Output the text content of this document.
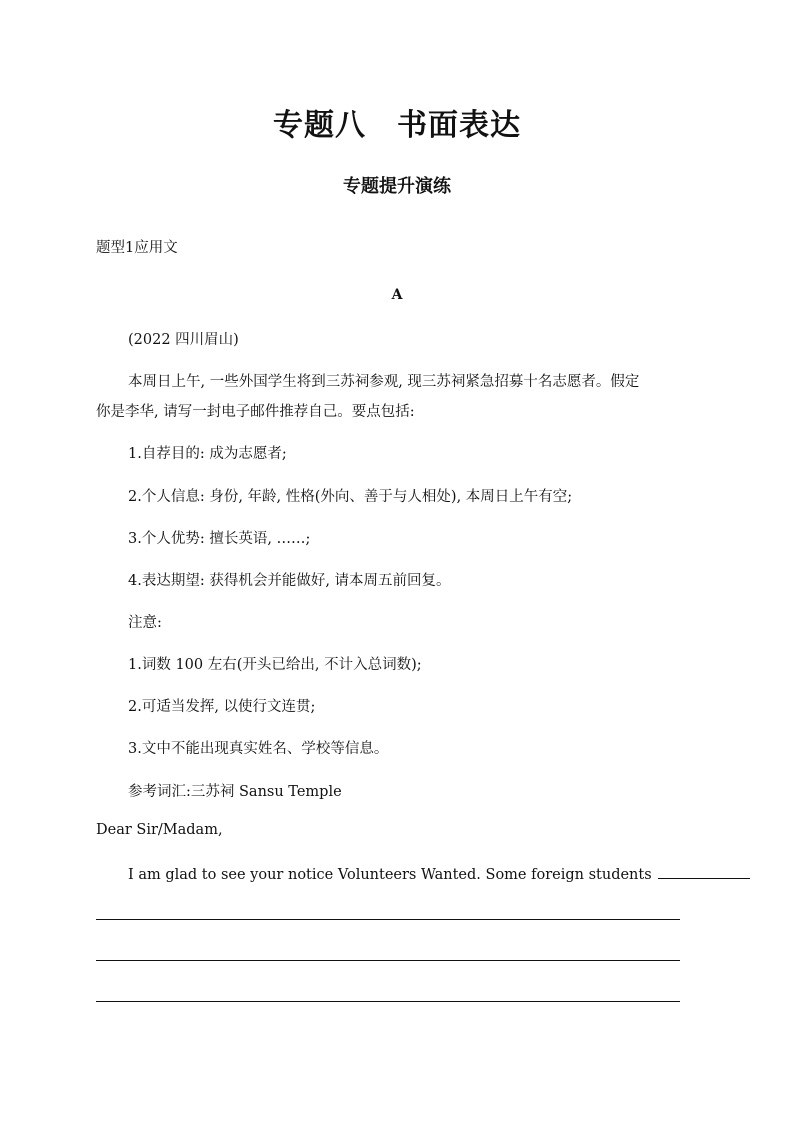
专题八　书面表达
专题提升演练
题型1应用文
A
(2022 四川眉山)
本周日上午, 一些外国学生将到三苏祠参观, 现三苏祠紧急招募十名志愿者。假定
你是李华, 请写一封电子邮件推荐自己。要点包括:
1.自荐目的: 成为志愿者;
2.个人信息: 身份, 年龄, 性格(外向、善于与人相处), 本周日上午有空;
3.个人优势: 擅长英语, ……;
4.表达期望: 获得机会并能做好, 请本周五前回复。
注意:
1.词数 100 左右(开头已给出, 不计入总词数);
2.可适当发挥, 以使行文连贯;
3.文中不能出现真实姓名、学校等信息。
参考词汇:三苏祠 Sansu Temple
Dear Sir/Madam,
I am glad to see your notice Volunteers Wanted. Some foreign students
